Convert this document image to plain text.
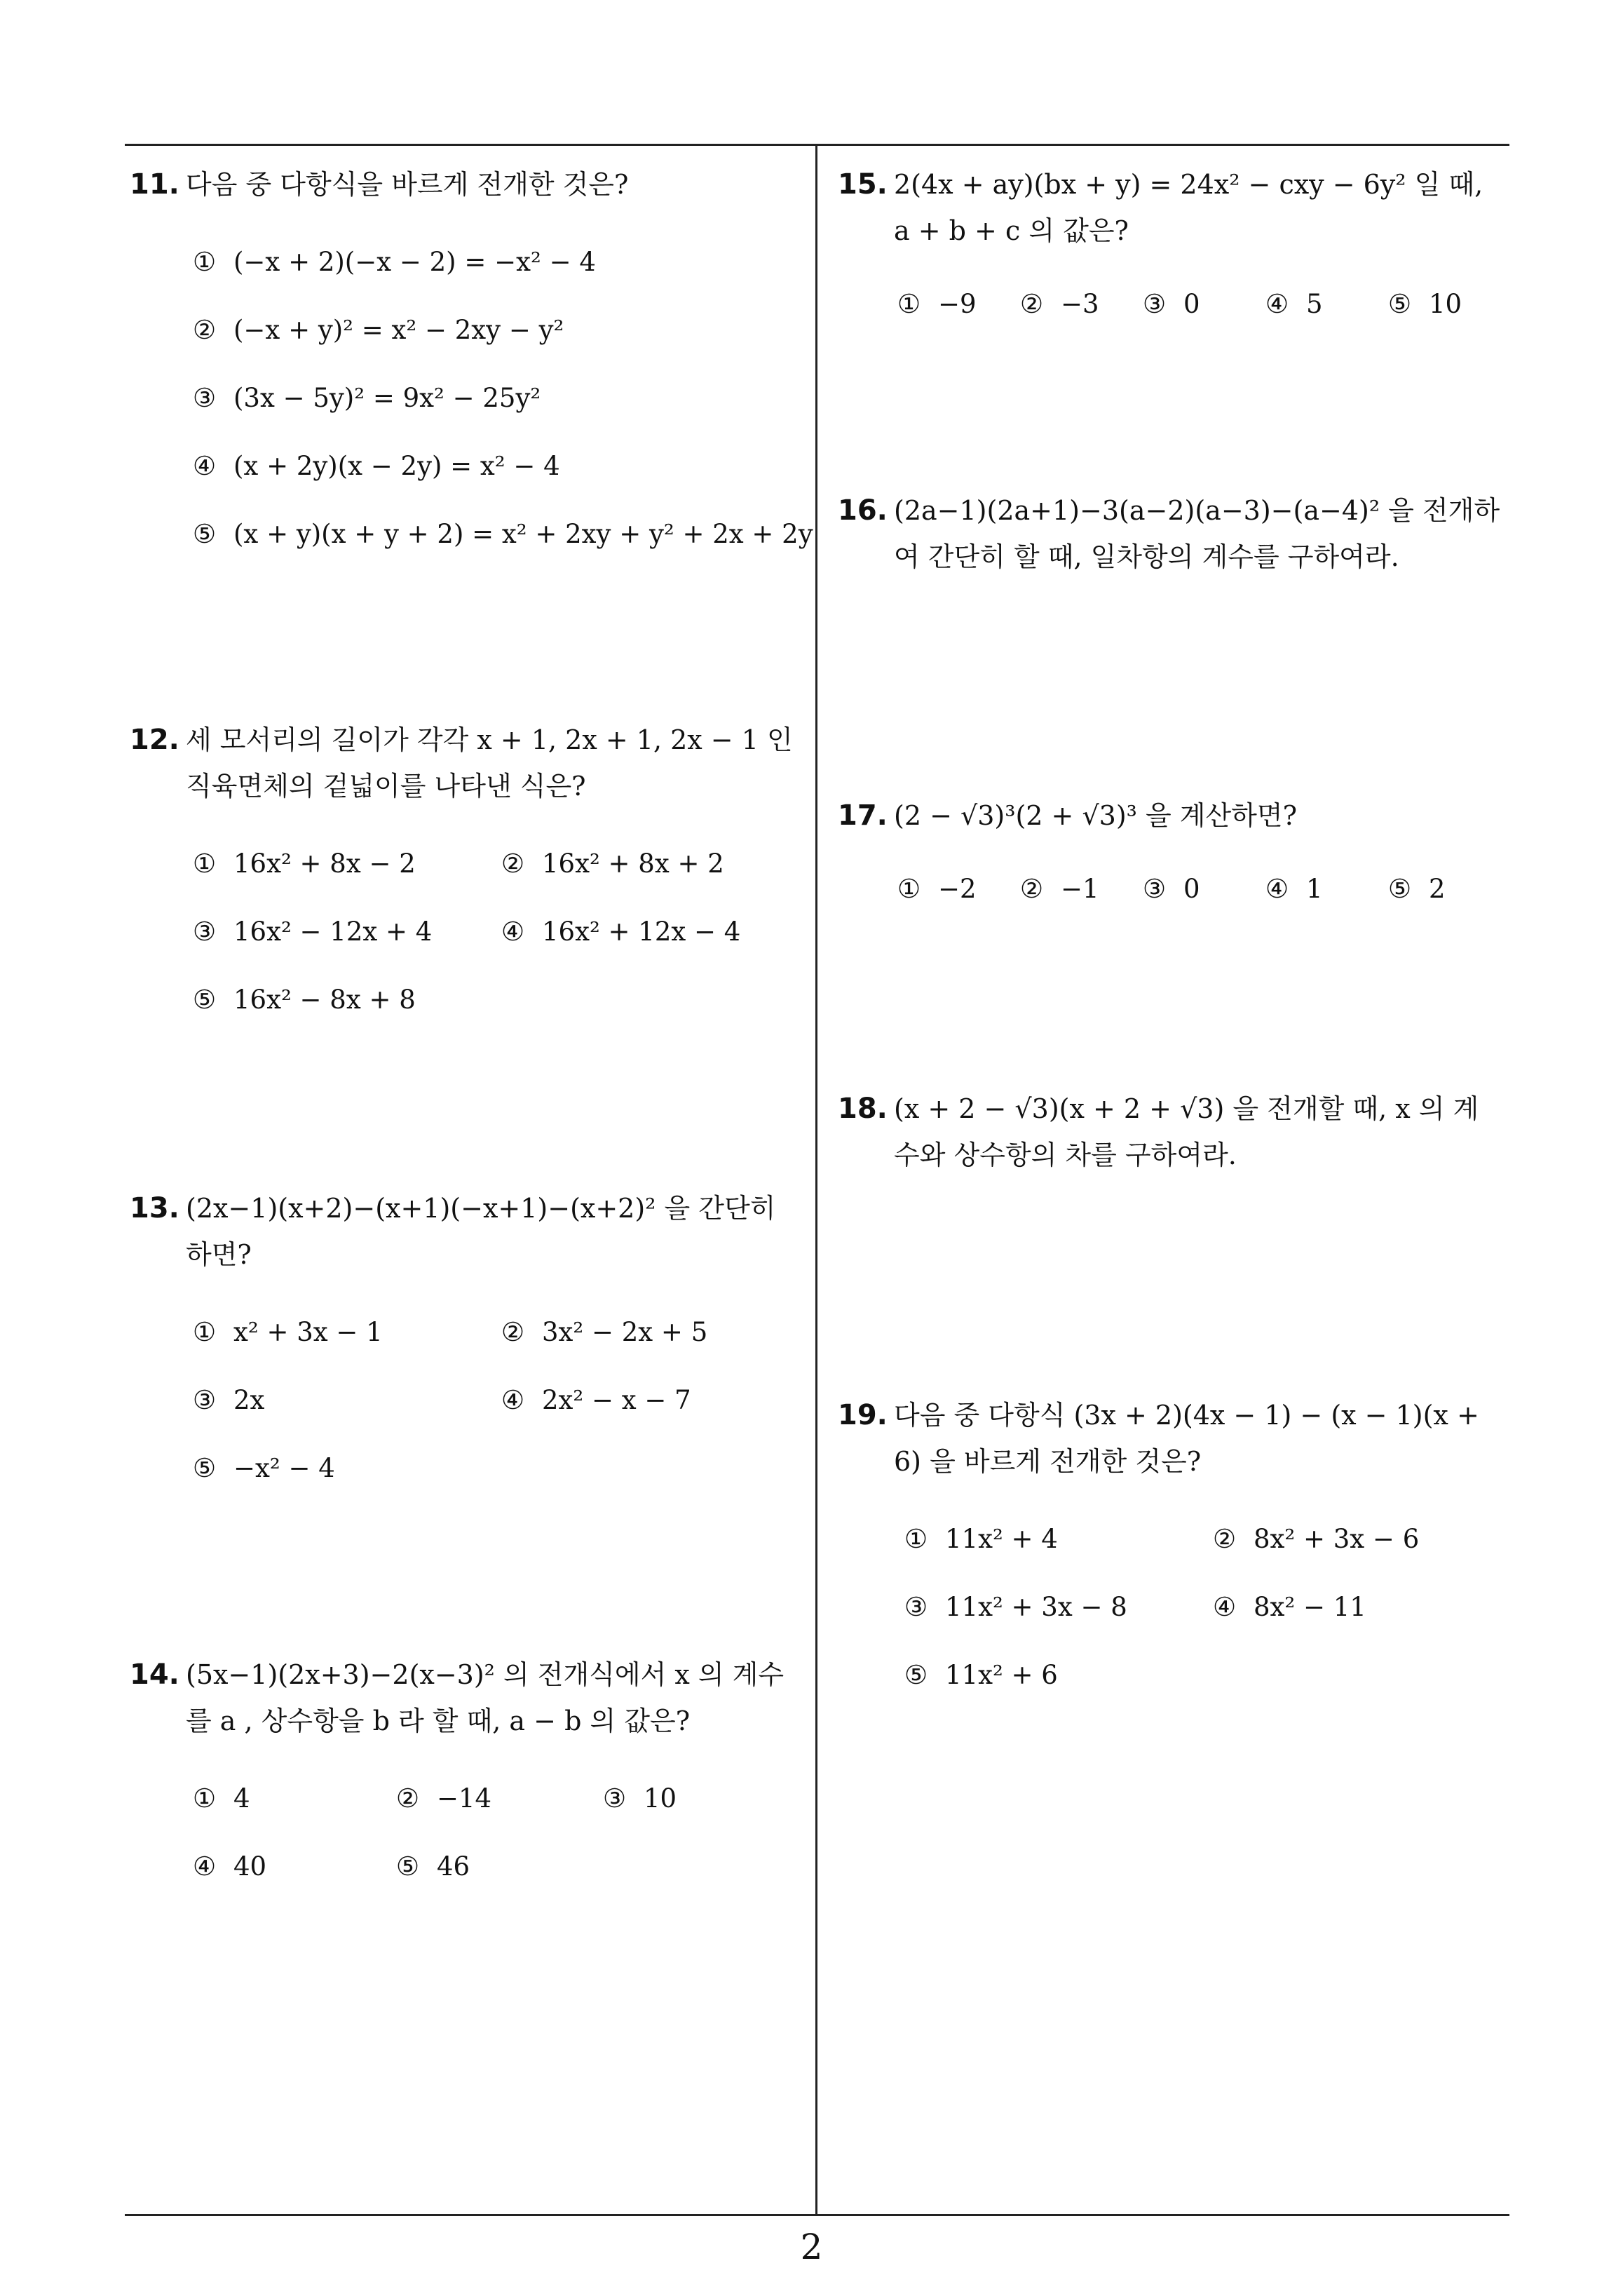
11. 다음 중 다항식을 바르게 전개한 것은?
① (−x + 2)(−x − 2) = −x² − 4
② (−x + y)² = x² − 2xy − y²
③ (3x − 5y)² = 9x² − 25y²
④ (x + 2y)(x − 2y) = x² − 4
⑤ (x + y)(x + y + 2) = x² + 2xy + y² + 2x + 2y
12. 세 모서리의 길이가 각각 x + 1, 2x + 1, 2x − 1 인 직육면체의 겉넓이를 나타낸 식은?
① 16x² + 8x − 2	② 16x² + 8x + 2
③ 16x² − 12x + 4	④ 16x² + 12x − 4
⑤ 16x² − 8x + 8
13. (2x−1)(x+2)−(x+1)(−x+1)−(x+2)² 을 간단히 하면?
① x² + 3x − 1	② 3x² − 2x + 5
③ 2x	④ 2x² − x − 7
⑤ −x² − 4
14. (5x−1)(2x+3)−2(x−3)² 의 전개식에서 x 의 계수를 a , 상수항을 b 라 할 때, a − b 의 값은?
① 4	② −14	③ 10
④ 40	⑤ 46
15. 2(4x + ay)(bx + y) = 24x² − cxy − 6y² 일 때, a + b + c 의 값은?
① −9 ② −3 ③ 0	④ 5	⑤ 10
16. (2a−1)(2a+1)−3(a−2)(a−3)−(a−4)² 을 전개하여 간단히 할 때, 일차항의 계수를 구하여라.
17. (2 − √3)³(2 + √3)³ 을 계산하면?
① −2 ② −1 ③ 0	④ 1	⑤ 2
18. (x + 2 − √3)(x + 2 + √3) 을 전개할 때, x 의 계수와 상수항의 차를 구하여라.
19. 다음 중 다항식 (3x + 2)(4x − 1) − (x − 1)(x + 6) 을 바르게 전개한 것은?
① 11x² + 4	② 8x² + 3x − 6
③ 11x² + 3x − 8	④ 8x² − 11
⑤ 11x² + 6
2
